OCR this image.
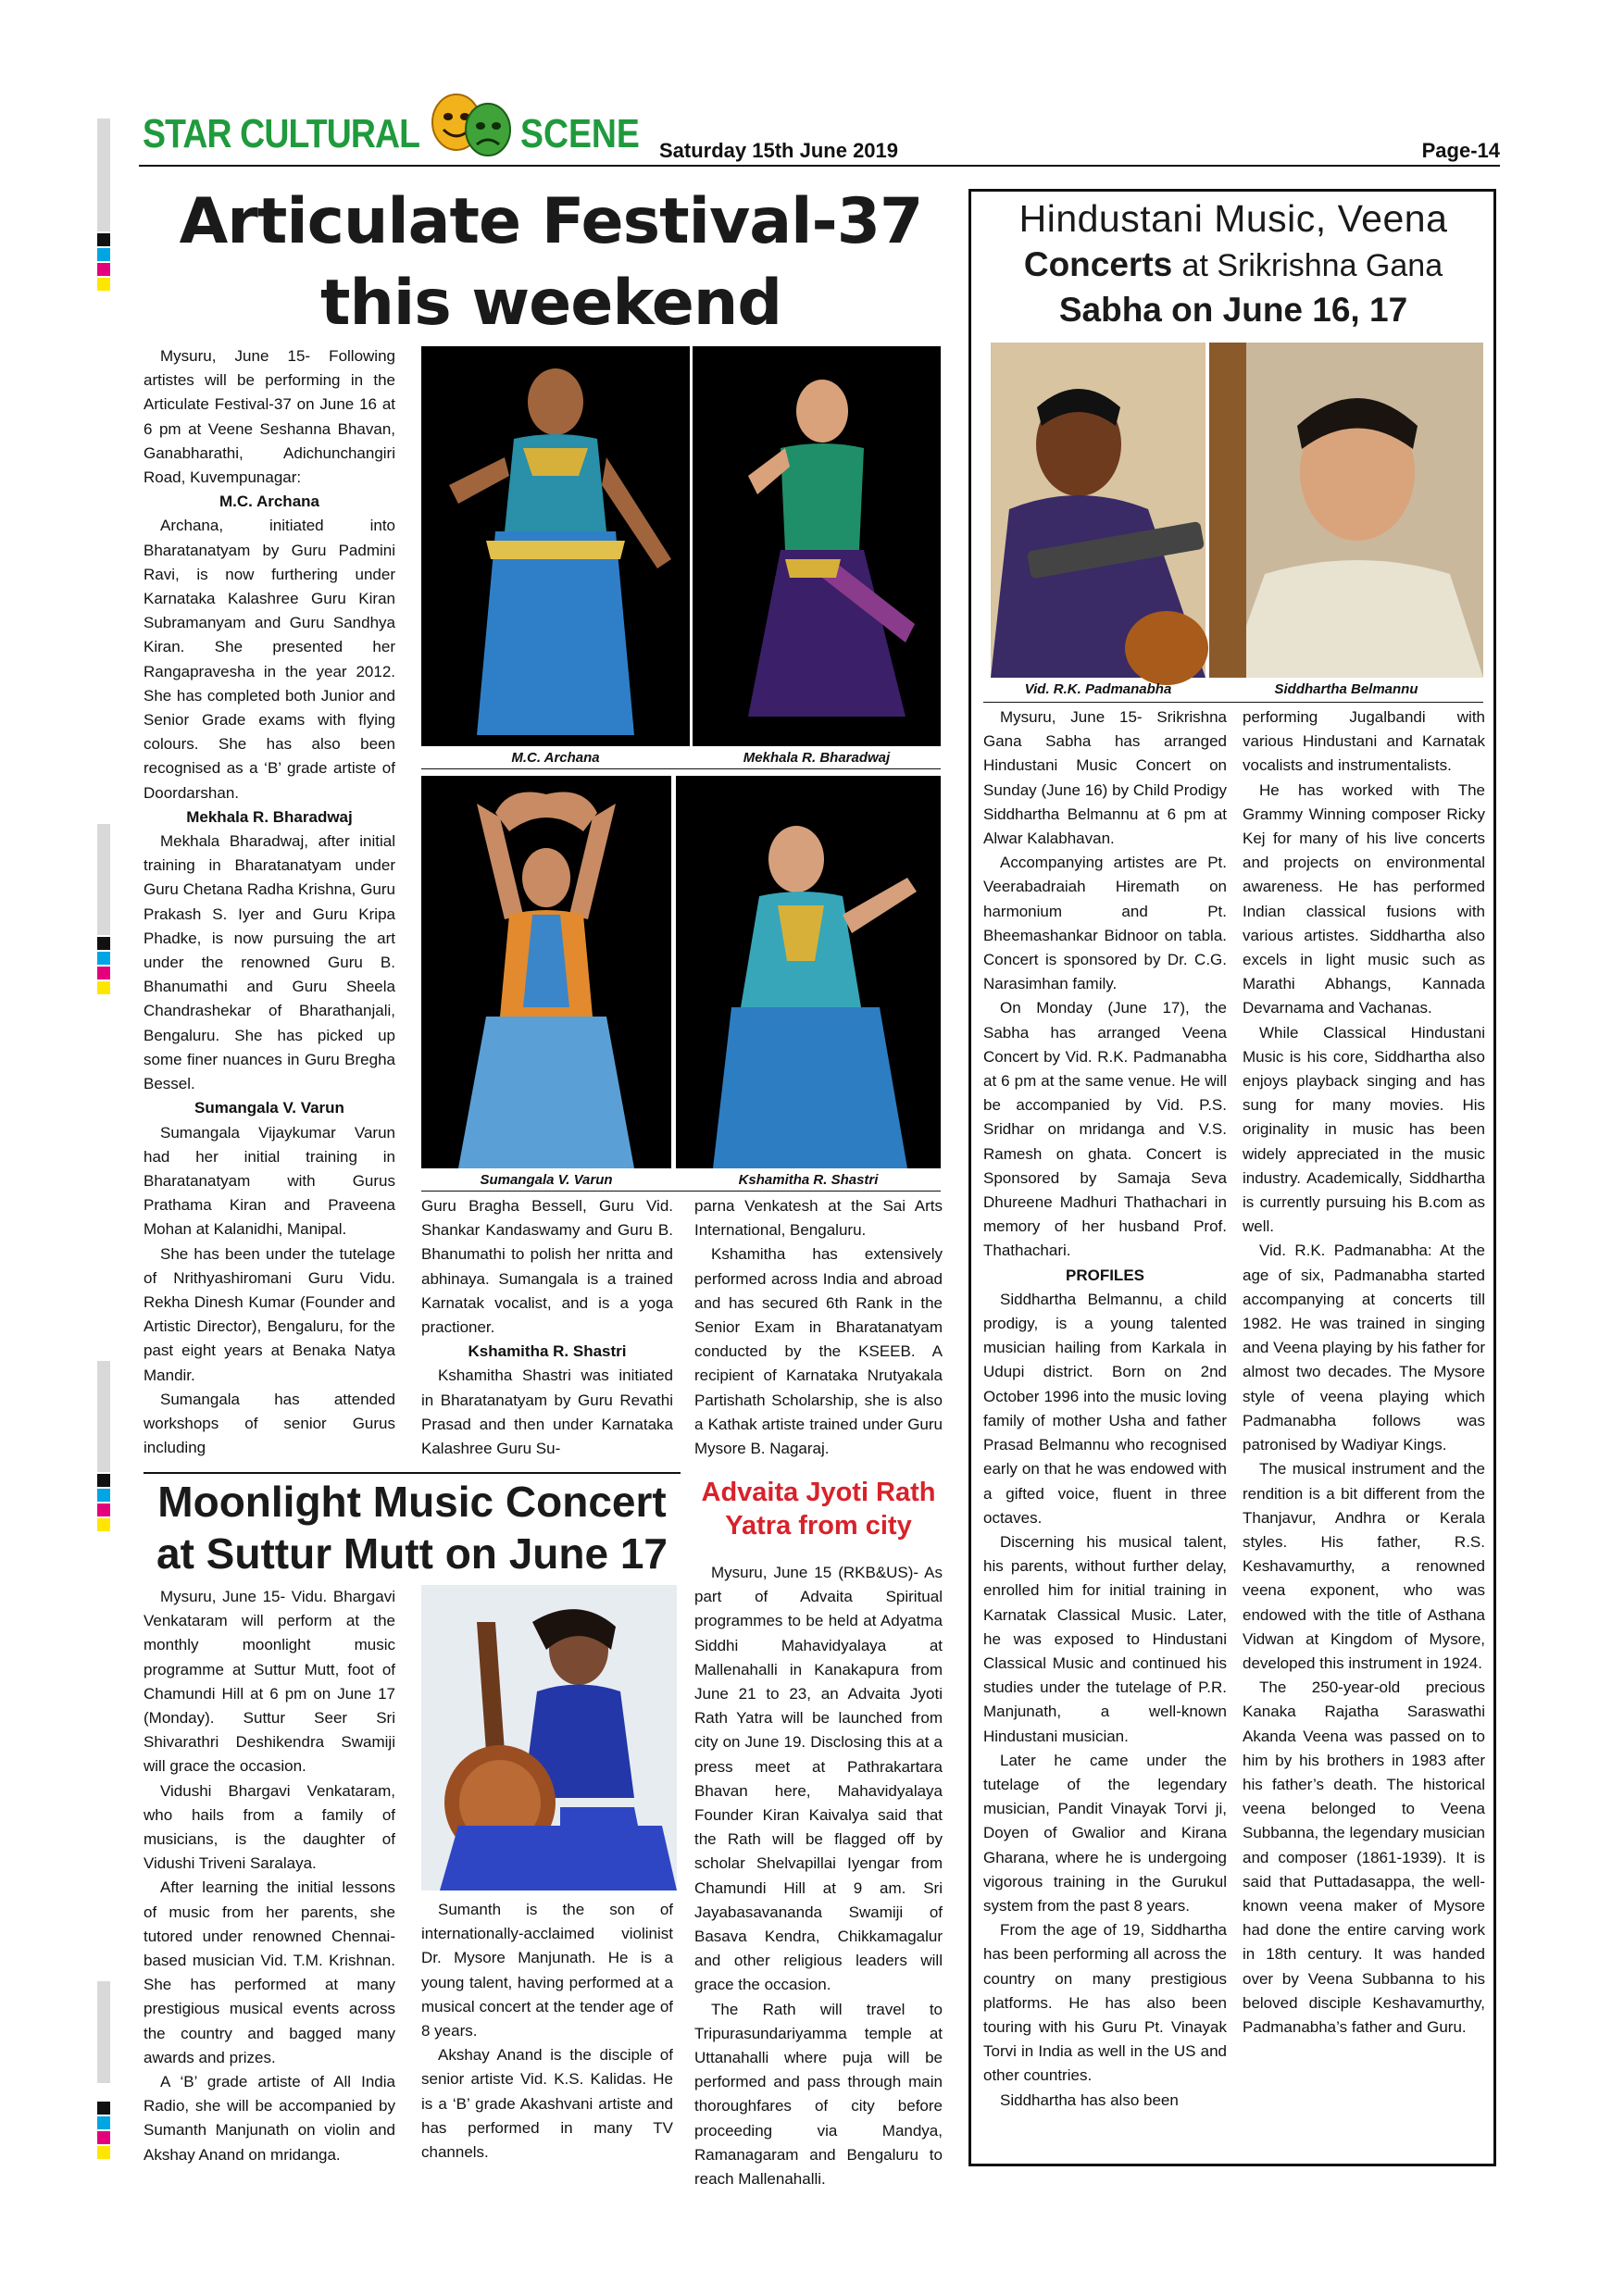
STAR CULTURAL SCENE Saturday 15th June 2019	Page-14
Articulate Festival-37
this weekend

Mysuru, June 15- Following artistes will be performing in the Articulate Festival-37 on June 16 at 6 pm at Veene Seshanna Bhavan, Ganabharathi, Adichunchangiri Road, Kuvempunagar:

M.C. Archana

Archana, initiated into Bharatanatyam by Guru Padmini Ravi, is now furthering under Karnataka Kalashree Guru Kiran Subramanyam and Guru Sandhya Kiran. She presented her Rangapravesha in the year 2012. She has completed both Junior and Senior Grade exams with flying colours. She has also been recognised as a ‘B’ grade artiste of Doordarshan.

Mekhala R. Bharadwaj

Mekhala Bharadwaj, after initial training in Bharatanatyam under Guru Chetana Radha Krishna, Guru Prakash S. Iyer and Guru Kripa Phadke, is now pursuing the art under the renowned Guru B. Bhanumathi and Guru Sheela Chandrashekar of Bharathanjali, Bengaluru. She has picked up some finer nuances in Guru Bregha Bessel.

Sumangala V. Varun

Sumangala Vijaykumar Varun had her initial training in Bharatanatyam with Gurus Prathama Kiran and Praveena Mohan at Kalanidhi, Manipal.

She has been under the tutelage of Nrithyashiromani Guru Vidu. Rekha Dinesh Kumar (Founder and Artistic Director), Bengaluru, for the past eight years at Benaka Natya Mandir.

Sumangala has attended workshops of senior Gurus including

M.C. Archana	Mekhala R. Bharadwaj
Sumangala V. Varun	Kshamitha R. Shastri

Guru Bragha Bessell, Guru Vid. Shankar Kandaswamy and Guru B. Bhanumathi to polish her nritta and abhinaya. Sumangala is a trained Karnatak vocalist, and is a yoga practioner.

Kshamitha R. Shastri

Kshamitha Shastri was initiated in Bharatanatyam by Guru Revathi Prasad and then under Karnataka Kalashree Guru Su-

parna Venkatesh at the Sai Arts International, Bengaluru.

Kshamitha has extensively performed across India and abroad and has secured 6th Rank in the Senior Exam in Bharatanatyam conducted by the KSEEB. A recipient of Karnataka Nrutyakala Partishath Scholarship, she is also a Kathak artiste trained under Guru Mysore B. Nagaraj.

Moonlight Music Concert
at Suttur Mutt on June 17

Mysuru, June 15- Vidu. Bhargavi Venkataram will perform at the monthly moonlight music programme at Suttur Mutt, foot of Chamundi Hill at 6 pm on June 17 (Monday). Suttur Seer Sri Shivarathri Deshikendra Swamiji will grace the occasion.

Vidushi Bhargavi Venkataram, who hails from a family of musicians, is the daughter of Vidushi Triveni Saralaya.

After learning the initial lessons of music from her parents, she tutored under renowned Chennai-based musician Vid. T.M. Krishnan. She has performed at many prestigious musical events across the country and bagged many awards and prizes.

A ‘B’ grade artiste of All India Radio, she will be accompanied by Sumanth Manjunath on violin and Akshay Anand on mridanga.

Sumanth is the son of internationally-acclaimed violinist Dr. Mysore Manjunath. He is a young talent, having performed at a musical concert at the tender age of 8 years.

Akshay Anand is the disciple of senior artiste Vid. K.S. Kalidas. He is a ‘B’ grade Akashvani artiste and has performed in many TV channels.

Advaita Jyoti Rath
Yatra from city

Mysuru, June 15 (RKB&US)- As part of Advaita Spiritual programmes to be held at Adyatma Siddhi Mahavidyalaya at Mallenahalli in Kanakapura from June 21 to 23, an Advaita Jyoti Rath Yatra will be launched from city on June 19. Disclosing this at a press meet at Pathrakartara Bhavan here, Mahavidyalaya Founder Kiran Kaivalya said that the Rath will be flagged off by scholar Shelvapillai Iyengar from Chamundi Hill at 9 am. Sri Jayabasavananda Swamiji of Basava Kendra, Chikkamagalur and other religious leaders will grace the occasion.

The Rath will travel to Tripurasundariyamma temple at Uttanahalli where puja will be performed and pass through main thoroughfares of city before proceeding via Mandya, Ramanagaram and Bengaluru to reach Mallenahalli.

Hindustani Music, Veena
Concerts at Srikrishna Gana
Sabha on June 16, 17
Vid. R.K. Padmanabha	Siddhartha Belmannu

Mysuru, June 15- Srikrishna Gana Sabha has arranged Hindustani Music Concert on Sunday (June 16) by Child Prodigy Siddhartha Belmannu at 6 pm at Alwar Kalabhavan.

Accompanying artistes are Pt. Veerabadraiah Hiremath on harmonium and Pt. Bheemashankar Bidnoor on tabla. Concert is sponsored by Dr. C.G. Narasimhan family.

On Monday (June 17), the Sabha has arranged Veena Concert by Vid. R.K. Padmanabha at 6 pm at the same venue. He will be accompanied by Vid. P.S. Sridhar on mridanga and V.S. Ramesh on ghata. Concert is Sponsored by Samaja Seva Dhureene Madhuri Thathachari in memory of her husband Prof. Thathachari.

PROFILES

Siddhartha Belmannu, a child prodigy, is a young talented musician hailing from Karkala in Udupi district. Born on 2nd October 1996 into the music loving family of mother Usha and father Prasad Belmannu who recognised early on that he was endowed with a gifted voice, fluent in three octaves.

Discerning his musical talent, his parents, without further delay, enrolled him for initial training in Karnatak Classical Music. Later, he was exposed to Hindustani Classical Music and continued his studies under the tutelage of P.R. Manjunath, a well-known Hindustani musician.

Later he came under the tutelage of the legendary musician, Pandit Vinayak Torvi ji, Doyen of Gwalior and Kirana Gharana, where he is undergoing vigorous training in the Gurukul system from the past 8 years.

From the age of 19, Siddhartha has been performing all across the country on many prestigious platforms. He has also been touring with his Guru Pt. Vinayak Torvi in India as well in the US and other countries.

Siddhartha has also been

performing Jugalbandi with various Hindustani and Karnatak vocalists and instrumentalists.

He has worked with The Grammy Winning composer Ricky Kej for many of his live concerts and projects on environmental awareness. He has performed Indian classical fusions with various artistes. Siddhartha also excels in light music such as Marathi Abhangs, Kannada Devarnama and Vachanas.

While Classical Hindustani Music is his core, Siddhartha also enjoys playback singing and has sung for many movies. His originality in music has been widely appreciated in the music industry. Academically, Siddhartha is currently pursuing his B.com as well.

Vid. R.K. Padmanabha: At the age of six, Padmanabha started accompanying at concerts till 1982. He was trained in singing and Veena playing by his father for almost two decades. The Mysore style of veena playing which Padmanabha follows was patronised by Wadiyar Kings.

The musical instrument and the rendition is a bit different from the Thanjavur, Andhra or Kerala styles. His father, R.S. Keshavamurthy, a renowned veena exponent, who was endowed with the title of Asthana Vidwan at Kingdom of Mysore, developed this instrument in 1924.

The 250-year-old precious Kanaka Rajatha Saraswathi Akanda Veena was passed on to him by his brothers in 1983 after his father’s death. The historical veena belonged to Veena Subbanna, the legendary musician and composer (1861-1939). It is said that Puttadasappa, the well-known veena maker of Mysore had done the entire carving work in 18th century. It was handed over by Veena Subbanna to his beloved disciple Keshavamurthy, Padmanabha’s father and Guru.
